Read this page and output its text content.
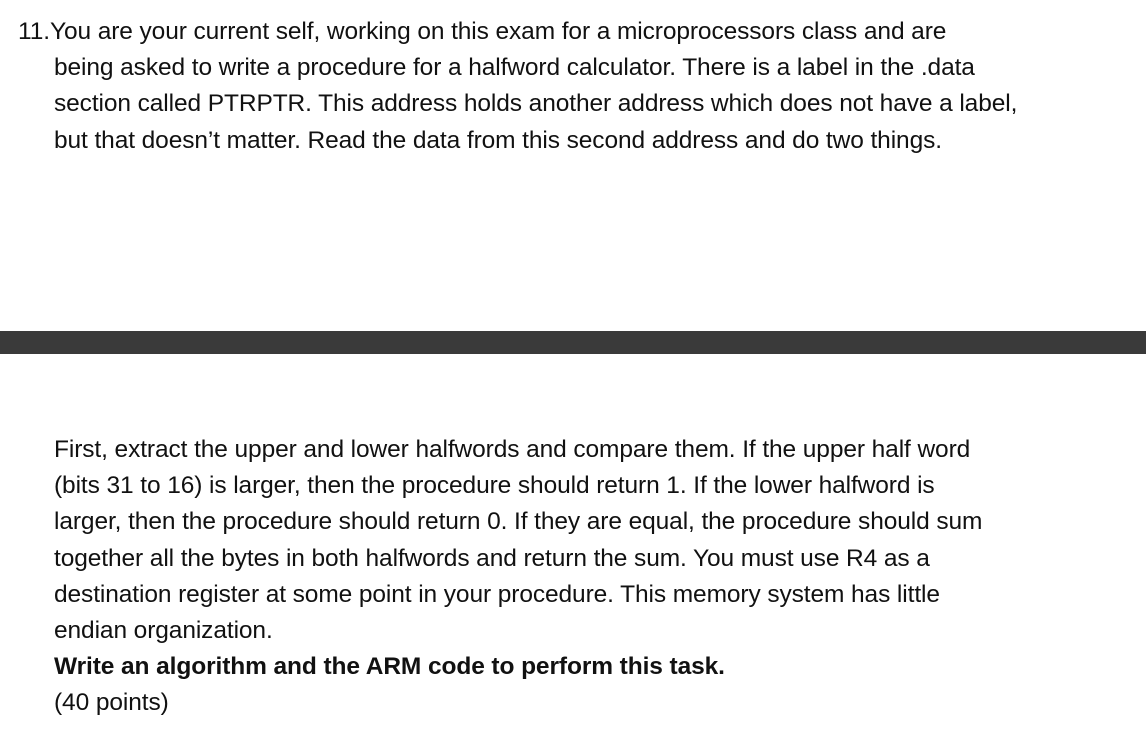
11.You are your current self, working on this exam for a microprocessors class and are
being asked to write a procedure for a halfword calculator. There is a label in the .data
section called PTRPTR. This address holds another address which does not have a label,
but that doesn’t matter. Read the data from this second address and do two things.
First, extract the upper and lower halfwords and compare them. If the upper half word
(bits 31 to 16) is larger, then the procedure should return 1. If the lower halfword is
larger, then the procedure should return 0. If they are equal, the procedure should sum
together all the bytes in both halfwords and return the sum. You must use R4 as a
destination register at some point in your procedure. This memory system has little
endian organization.
Write an algorithm and the ARM code to perform this task.
(40 points)
